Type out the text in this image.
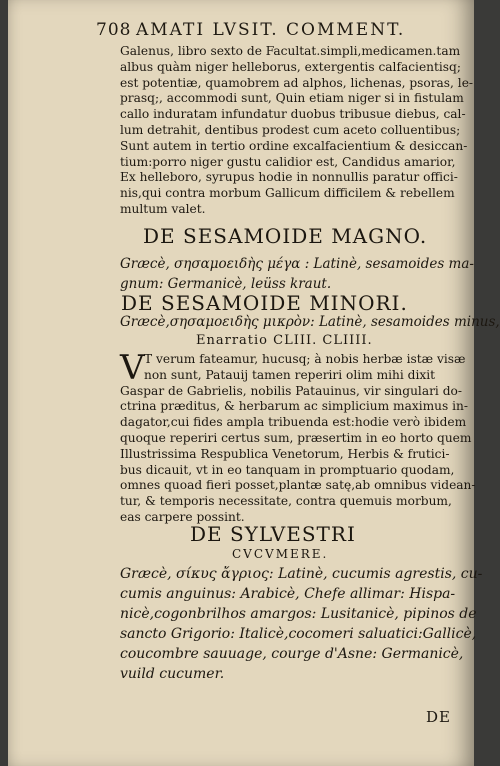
708 AMATI LVSIT. COMMENT.
Galenus, libro sexto de Facultat.simpli,medicamen.tam
albus quàm niger helleborus, extergentis calfacientisq;
est potentiæ, quamobrem ad alphos, lichenas, psoras, le-
prasq;, accommodi sunt, Quin etiam niger si in fistulam
callo induratam infundatur duobus tribusue diebus, cal-
lum detrahit, dentibus prodest cum aceto colluentibus;
Sunt autem in tertio ordine excalfacientium & desiccan-
tium:porro niger gustu calidior est, Candidus amarior,
Ex helleboro, syrupus hodie in nonnullis paratur offici-
nis,qui contra morbum Gallicum difficilem & rebellem
multum valet.
DE SESAMOIDE MAGNO.
Græcè, σησαμοειδὴς μέγα : Latinè, sesamoides ma-
gnum: Germanicè, leüss kraut.
DE SESAMOIDE MINORI.
Græcè,σησαμοειδὴς μικρὸν: Latinè, sesamoides minus,
Enarratio CLIII. CLIIII.
V T verum fateamur, hucusq; à nobis herbæ istæ visæ
non sunt, Patauij tamen reperiri olim mihi dixit
Gaspar de Gabrielis, nobilis Patauinus, vir singulari do-
ctrina præditus, & herbarum ac simplicium maximus in-
dagator,cui fides ampla tribuenda est:hodie verò ibidem
quoque reperiri certus sum, præsertim in eo horto quem
Illustrissima Respublica Venetorum, Herbis & frutici-
bus dicauit, vt in eo tanquam in promptuario quodam,
omnes quoad fieri posset,plantæ satę,ab omnibus videan-
tur, & temporis necessitate, contra quemuis morbum,
eas carpere possint.
DE SYLVESTRI
CVCVMERE.
Græcè, σίκυς ἄγριος: Latinè, cucumis agrestis, cu-
cumis anguinus: Arabicè, Chefe allimar: Hispa-
nicè,cogonbrilhos amargos: Lusitanicè, pipinos de
sancto Grigorio: Italicè,cocomeri saluatici:Gallicè,
coucombre sauuage, courge d'Asne: Germanicè,
vuild cucumer.
DE
